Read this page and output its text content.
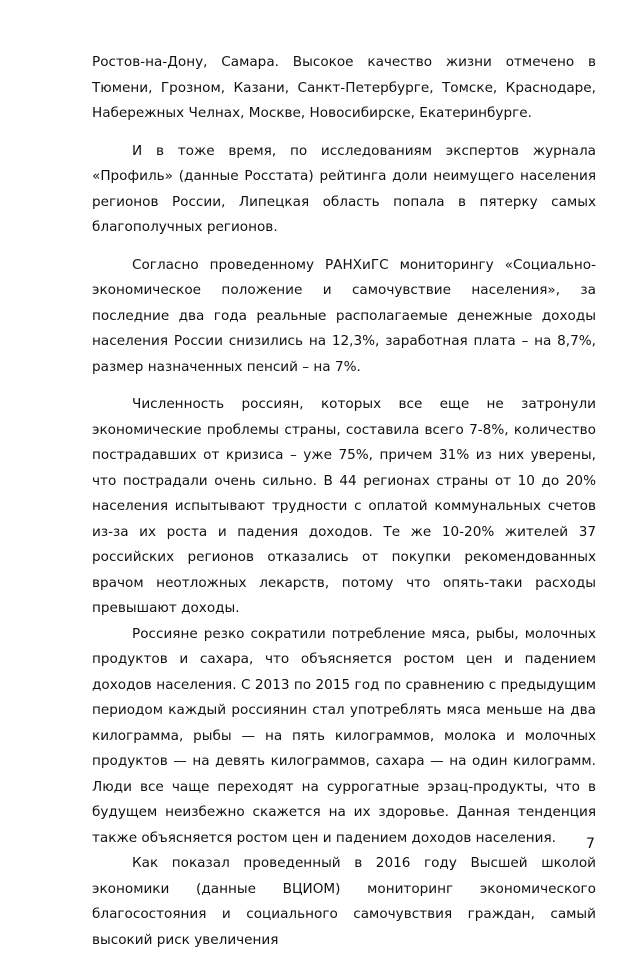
Ростов-на-Дону, Самара. Высокое качество жизни отмечено в Тюмени, Грозном, Казани, Санкт-Петербурге, Томске, Краснодаре, Набережных Челнах, Москве, Новосибирске, Екатеринбурге.

И в тоже время, по исследованиям экспертов журнала «Профиль» (данные Росстата) рейтинга доли неимущего населения регионов России, Липецкая область попала в пятерку самых благополучных регионов.

Согласно проведенному РАНХиГС мониторингу «Социально-экономическое положение и самочувствие населения», за последние два года реальные располагаемые денежные доходы населения России снизились на 12,3%, заработная плата – на 8,7%, размер назначенных пенсий – на 7%.

Численность россиян, которых все еще не затронули экономические проблемы страны, составила всего 7-8%, количество пострадавших от кризиса – уже 75%, причем 31% из них уверены, что пострадали очень сильно. В 44 регионах страны от 10 до 20% населения испытывают трудности с оплатой коммунальных счетов из-за их роста и падения доходов. Те же 10-20% жителей 37 российских регионов отказались от покупки рекомендованных врачом неотложных лекарств, потому что опять-таки расходы превышают доходы.

Россияне резко сократили потребление мяса, рыбы, молочных продуктов и сахара, что объясняется ростом цен и падением доходов населения. С 2013 по 2015 год по сравнению с предыдущим периодом каждый россиянин стал употреблять мяса меньше на два килограмма, рыбы — на пять килограммов, молока и молочных продуктов — на девять килограммов, сахара — на один килограмм. Люди все чаще переходят на суррогатные эрзац-продукты, что в будущем неизбежно скажется на их здоровье. Данная тенденция также объясняется ростом цен и падением доходов населения.

Как показал проведенный в 2016 году Высшей школой экономики (данные ВЦИОМ) мониторинг экономического благосостояния и социального самочувствия граждан, самый высокий риск увеличения

7
